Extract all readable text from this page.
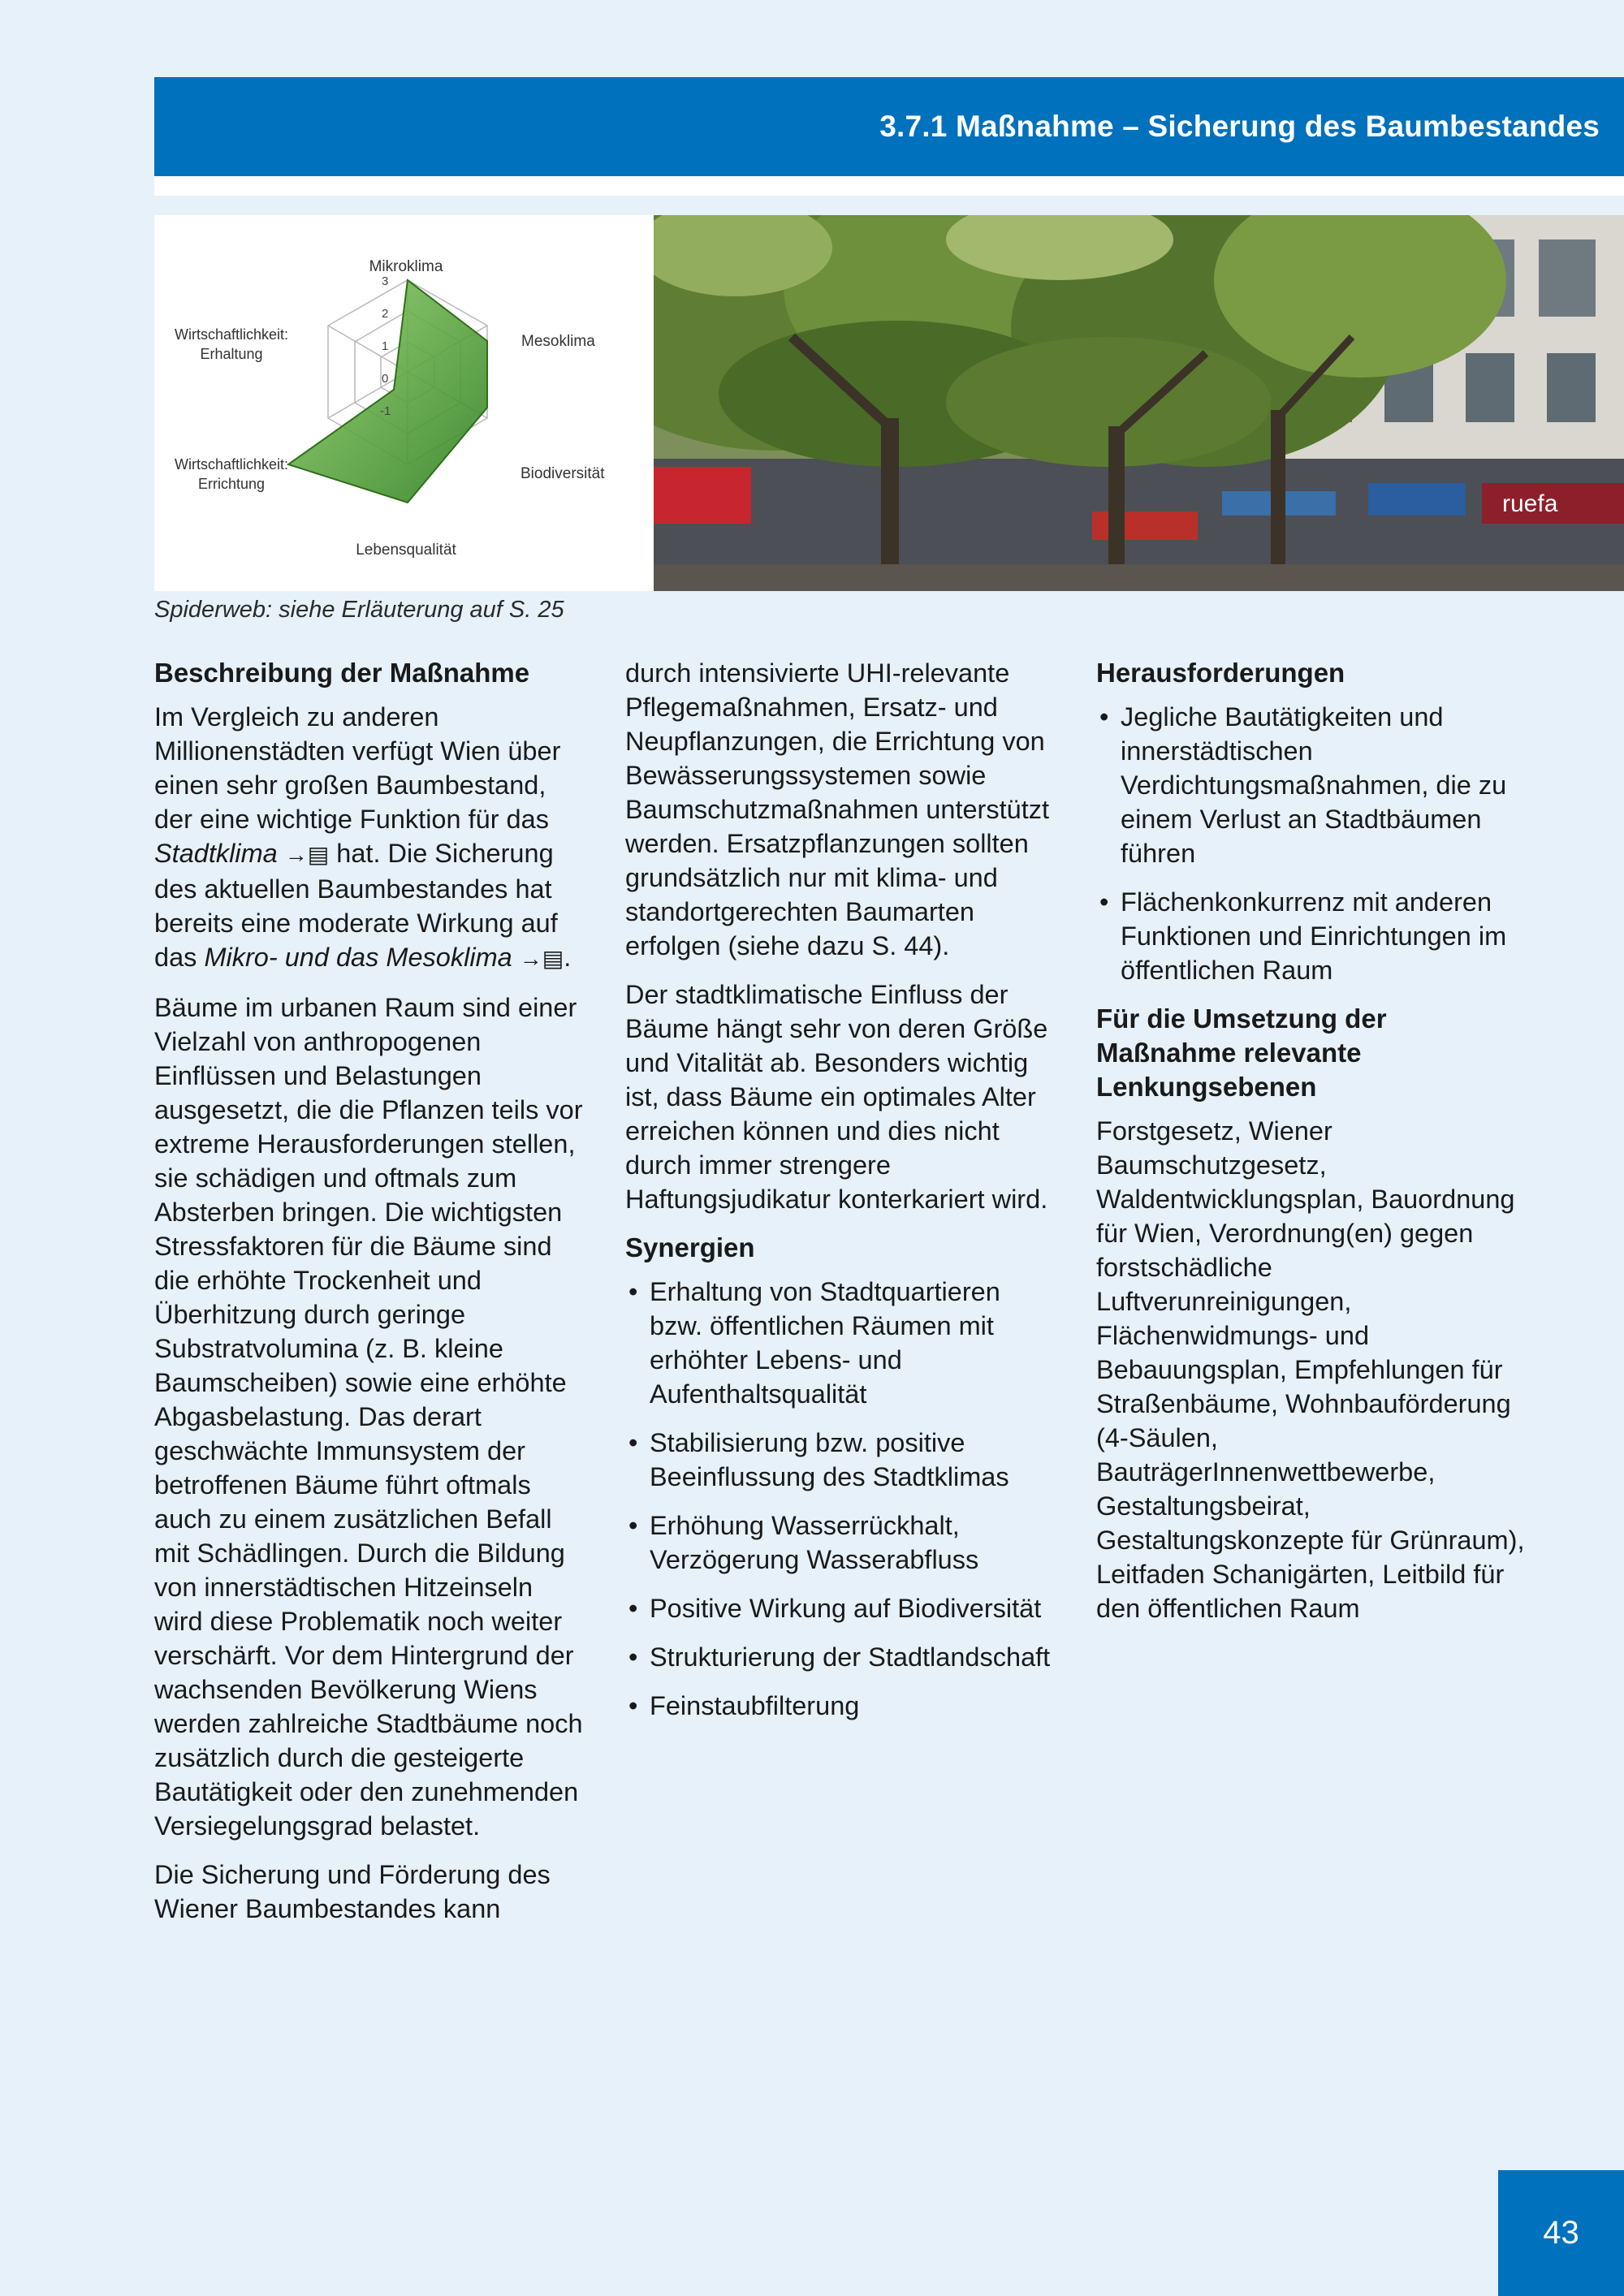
3.7.1 Maßnahme – Sicherung des Baumbestandes
3
2
1
0
-1
Mikroklima
Mesoklima
Biodiversität
Lebensqualität
Wirtschaftlichkeit:
Erhaltung
Wirtschaftlichkeit:
Errichtung
ruefa
Spiderweb: siehe Erläuterung auf S. 25
Beschreibung der Maßnahme

Im Vergleich zu anderen Millionenstädten verfügt Wien über einen sehr großen Baumbestand, der eine wichtige Funktion für das Stadtklima →▤ hat. Die Sicherung des aktuellen Baumbestandes hat bereits eine moderate Wirkung auf das Mikro- und das Mesoklima →▤.

Bäume im urbanen Raum sind einer Vielzahl von anthropogenen Einflüssen und Belastungen ausgesetzt, die die Pflanzen teils vor extreme Herausforderungen stellen, sie schädigen und oftmals zum Absterben bringen. Die wichtigsten Stressfaktoren für die Bäume sind die erhöhte Trockenheit und Überhitzung durch geringe Substratvolumina (z. B. kleine Baumscheiben) sowie eine erhöhte Abgasbelastung. Das derart geschwächte Immunsystem der betroffenen Bäume führt oftmals auch zu einem zusätzlichen Befall mit Schädlingen. Durch die Bildung von innerstädtischen Hitzeinseln wird diese Problematik noch weiter verschärft. Vor dem Hintergrund der wachsenden Bevölkerung Wiens werden zahlreiche Stadtbäume noch zusätzlich durch die gesteigerte Bautätigkeit oder den zunehmenden Versiegelungsgrad belastet.

Die Sicherung und Förderung des Wiener Baumbestandes kann

durch intensivierte UHI-relevante Pflegemaßnahmen, Ersatz- und Neupflanzungen, die Errichtung von Bewässerungssystemen sowie Baumschutzmaßnahmen unterstützt werden. Ersatzpflanzungen sollten grundsätzlich nur mit klima- und standortgerechten Baumarten erfolgen (siehe dazu S. 44).

Der stadtklimatische Einfluss der Bäume hängt sehr von deren Größe und Vitalität ab. Besonders wichtig ist, dass Bäume ein optimales Alter erreichen können und dies nicht durch immer strengere Haftungsjudikatur konterkariert wird.

Synergien
• Erhaltung von Stadtquartieren bzw. öffentlichen Räumen mit erhöhter Lebens- und Aufenthaltsqualität
• Stabilisierung bzw. positive Beeinflussung des Stadtklimas
• Erhöhung Wasserrückhalt, Verzögerung Wasserabfluss
• Positive Wirkung auf Biodiversität
• Strukturierung der Stadtlandschaft
• Feinstaubfilterung
Herausforderungen
• Jegliche Bautätigkeiten und innerstädtischen Verdichtungsmaßnahmen, die zu einem Verlust an Stadtbäumen führen
• Flächenkonkurrenz mit anderen Funktionen und Einrichtungen im öffentlichen Raum
Für die Umsetzung der Maßnahme relevante Lenkungsebenen

Forstgesetz, Wiener Baumschutzgesetz, Waldentwicklungsplan, Bauordnung für Wien, Verordnung(en) gegen forstschädliche Luftverunreinigungen, Flächenwidmungs- und Bebauungsplan, Empfehlungen für Straßenbäume, Wohnbauförderung (4-Säulen, BauträgerInnenwettbewerbe, Gestaltungsbeirat, Gestaltungskonzepte für Grünraum), Leitfaden Schanigärten, Leitbild für den öffentlichen Raum

43
